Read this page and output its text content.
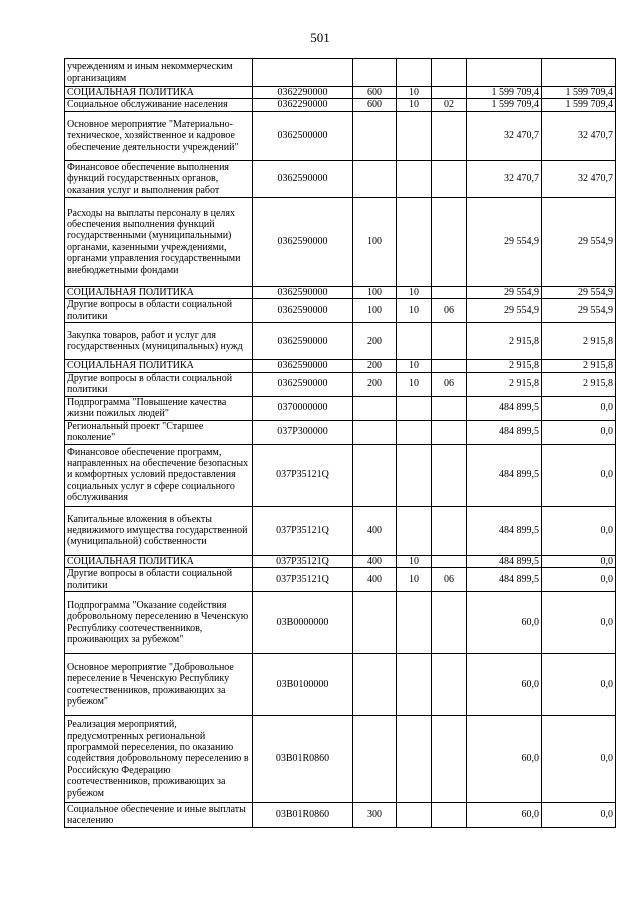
501
учреждениям и иным некоммерческим организациям						
СОЦИАЛЬНАЯ ПОЛИТИКА	0362290000	600	10		1 599 709,4	1 599 709,4
Социальное обслуживание населения	0362290000	600	10	02	1 599 709,4	1 599 709,4
Основное мероприятие "Материально-техническое, хозяйственное и кадровое обеспечение деятельности учреждений"	0362500000				32 470,7	32 470,7
Финансовое обеспечение выполнения функций государственных органов, оказания услуг и выполнения работ	0362590000				32 470,7	32 470,7
Расходы на выплаты персоналу в целях обеспечения выполнения функций государственными (муниципальными) органами, казенными учреждениями, органами управления государственными внебюджетными фондами	0362590000	100			29 554,9	29 554,9
СОЦИАЛЬНАЯ ПОЛИТИКА	0362590000	100	10		29 554,9	29 554,9
Другие вопросы в области социальной политики	0362590000	100	10	06	29 554,9	29 554,9
Закупка товаров, работ и услуг для государственных (муниципальных) нужд	0362590000	200			2 915,8	2 915,8
СОЦИАЛЬНАЯ ПОЛИТИКА	0362590000	200	10		2 915,8	2 915,8
Другие вопросы в области социальной политики	0362590000	200	10	06	2 915,8	2 915,8
Подпрограмма "Повышение качества жизни пожилых людей"	0370000000				484 899,5	0,0
Региональный проект "Старшее поколение"	037P300000				484 899,5	0,0
Финансовое обеспечение программ, направленных на обеспечение безопасных и комфортных условий предоставления социальных услуг в сфере социального обслуживания	037P35121Q				484 899,5	0,0
Капитальные вложения в объекты недвижимого имущества государственной (муниципальной) собственности	037P35121Q	400			484 899,5	0,0
СОЦИАЛЬНАЯ ПОЛИТИКА	037P35121Q	400	10		484 899,5	0,0
Другие вопросы в области социальной политики	037P35121Q	400	10	06	484 899,5	0,0
Подпрограмма "Оказание содействия добровольному переселению в Чеченскую Республику соотечественников, проживающих за рубежом"	03B0000000				60,0	0,0
Основное мероприятие "Добровольное переселение в Чеченскую Республику соотечественников, проживающих за рубежом"	03B0100000				60,0	0,0
Реализация мероприятий, предусмотренных региональной программой переселения, по оказанию содействия добровольному переселению в Российскую Федерацию соотечественников, проживающих за рубежом	03B01R0860				60,0	0,0
Социальное обеспечение и иные выплаты населению	03B01R0860	300			60,0	0,0
